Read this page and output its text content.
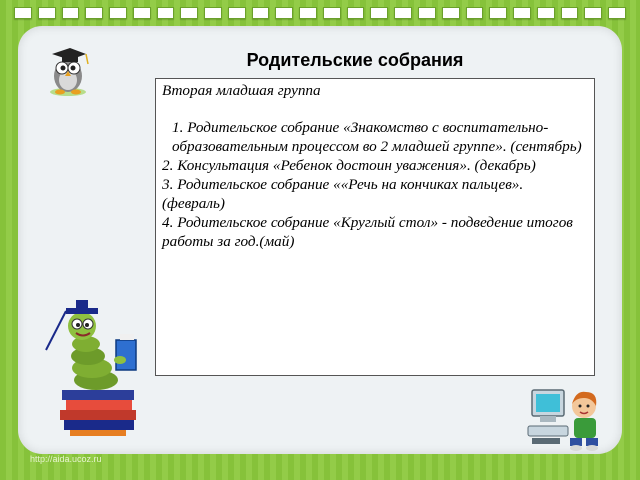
Родительские собрания
Вторая младшая группа
1. Родительское собрание «Знакомство с воспитательно-образовательным процессом во 2 младшей группе». (сентябрь)
2. Консультация «Ребенок достоин уважения». (декабрь)
3. Родительское собрание ««Речь на кончиках пальцев». (февраль)
4. Родительское собрание «Круглый стол» - подведение итогов работы за год.(май)
http://aida.ucoz.ru
